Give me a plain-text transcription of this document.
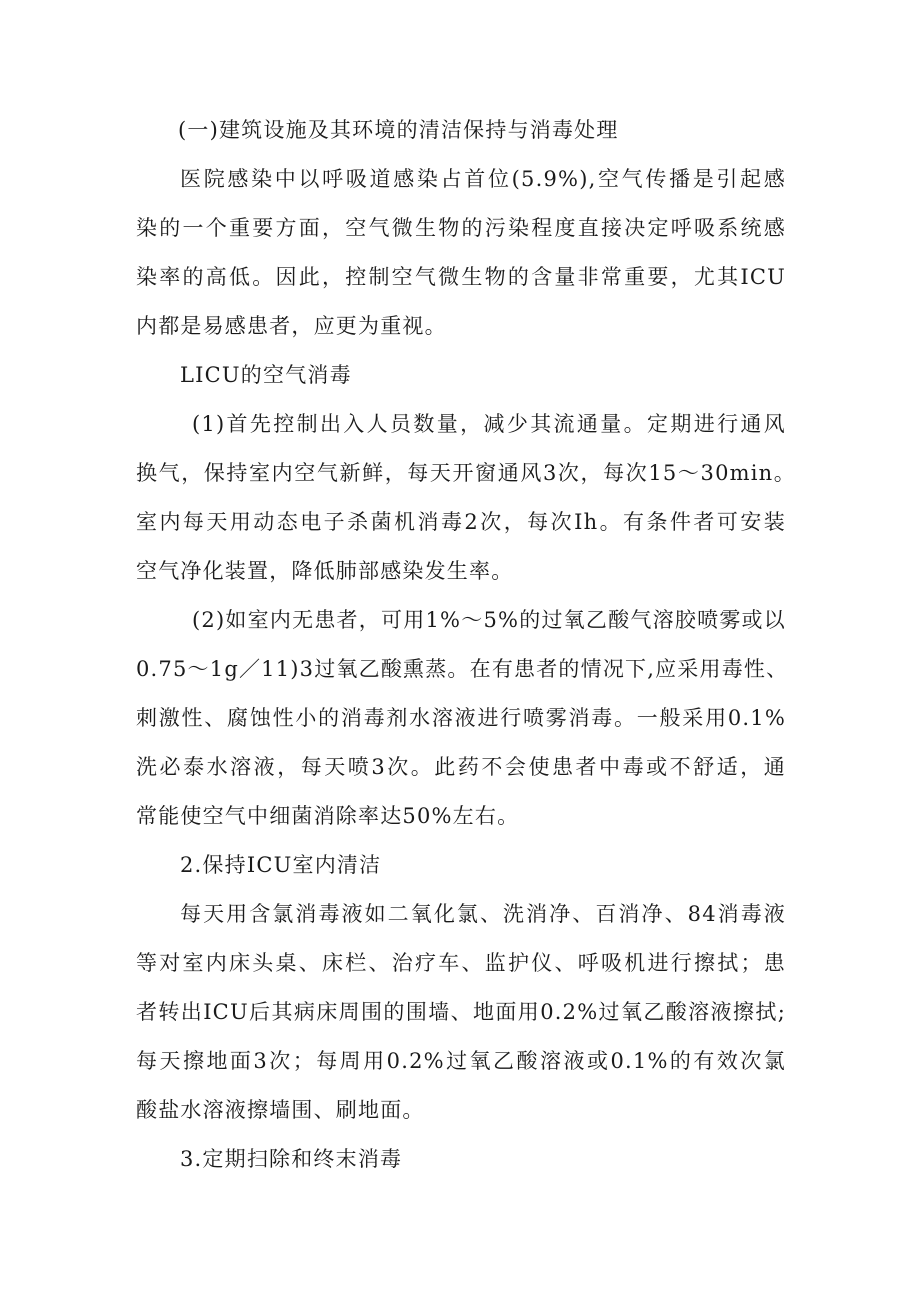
(一)建筑设施及其环境的清洁保持与消毒处理
医院感染中以呼吸道感染占首位(5.9%),空气传播是引起感
染的一个重要方面，空气微生物的污染程度直接决定呼吸系统感
染率的高低。因此，控制空气微生物的含量非常重要，尤其ICU
内都是易感患者，应更为重视。
LICU的空气消毒
(1)首先控制出入人员数量，减少其流通量。定期进行通风
换气，保持室内空气新鲜，每天开窗通风3次，每次15～30min。
室内每天用动态电子杀菌机消毒2次，每次Ih。有条件者可安装
空气净化装置，降低肺部感染发生率。
(2)如室内无患者，可用1%～5%的过氧乙酸气溶胶喷雾或以
0.75～1g／11)3过氧乙酸熏蒸。在有患者的情况下,应采用毒性、
刺激性、腐蚀性小的消毒剂水溶液进行喷雾消毒。一般采用0.1%
洗必泰水溶液，每天喷3次。此药不会使患者中毒或不舒适，通
常能使空气中细菌消除率达50%左右。
2.保持ICU室内清洁
每天用含氯消毒液如二氧化氯、洗消净、百消净、84消毒液
等对室内床头桌、床栏、治疗车、监护仪、呼吸机进行擦拭；患
者转出ICU后其病床周围的围墙、地面用0.2%过氧乙酸溶液擦拭;
每天擦地面3次；每周用0.2%过氧乙酸溶液或0.1%的有效次氯
酸盐水溶液擦墙围、刷地面。
3.定期扫除和终末消毒
